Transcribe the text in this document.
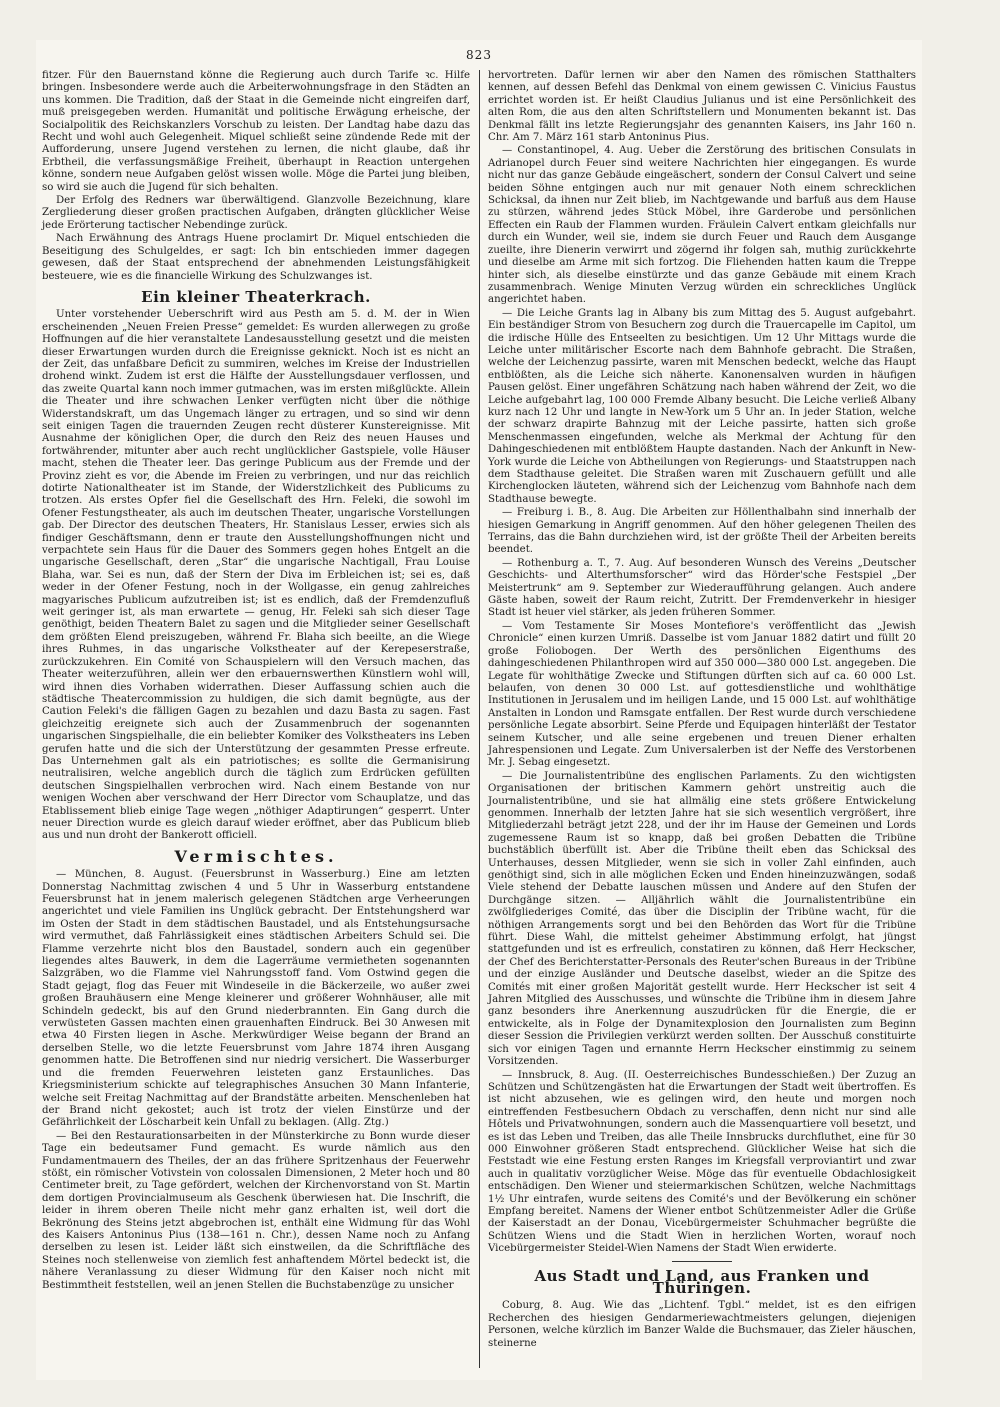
823

fitzer. Für den Bauernstand könne die Regierung auch durch Tarife ꝛc. Hilfe bringen. Insbesondere werde auch die Arbeiterwohnungsfrage in den Städten an uns kommen. Die Tradition, daß der Staat in die Gemeinde nicht eingreifen darf, muß preisgegeben werden. Humanität und politische Erwägung erheische, der Socialpolitik des Reichskanzlers Vorschub zu leisten. Der Landtag habe dazu das Recht und wohl auch Gelegenheit. Miquel schließt seine zündende Rede mit der Aufforderung, unsere Jugend verstehen zu lernen, die nicht glaube, daß ihr Erbtheil, die verfassungsmäßige Freiheit, überhaupt in Reaction untergehen könne, sondern neue Aufgaben gelöst wissen wolle. Möge die Partei jung bleiben, so wird sie auch die Jugend für sich behalten.

Der Erfolg des Redners war überwältigend. Glanzvolle Bezeichnung, klare Zergliederung dieser großen practischen Aufgaben, drängten glücklicher Weise jede Erörterung tactischer Nebendinge zurück.

Nach Erwähnung des Antrags Huene proclamirt Dr. Miquel entschieden die Beseitigung des Schulgeldes, er sagt: Ich bin entschieden immer dagegen gewesen, daß der Staat entsprechend der abnehmenden Leistungsfähigkeit besteuere, wie es die financielle Wirkung des Schulzwanges ist.

Ein kleiner Theaterkrach.

Unter vorstehender Ueberschrift wird aus Pesth am 5. d. M. der in Wien erscheinenden „Neuen Freien Presse“ gemeldet: Es wurden allerwegen zu große Hoffnungen auf die hier veranstaltete Landesausstellung gesetzt und die meisten dieser Erwartungen wurden durch die Ereignisse geknickt. Noch ist es nicht an der Zeit, das unfaßbare Deficit zu summiren, welches im Kreise der Industriellen drohend winkt. Zudem ist erst die Hälfte der Ausstellungsdauer verflossen, und das zweite Quartal kann noch immer gutmachen, was im ersten mißglückte. Allein die Theater und ihre schwachen Lenker verfügten nicht über die nöthige Widerstandskraft, um das Ungemach länger zu ertragen, und so sind wir denn seit einigen Tagen die trauernden Zeugen recht düsterer Kunstereignisse. Mit Ausnahme der königlichen Oper, die durch den Reiz des neuen Hauses und fortwährender, mitunter aber auch recht unglücklicher Gastspiele, volle Häuser macht, stehen die Theater leer. Das geringe Publicum aus der Fremde und der Provinz zieht es vor, die Abende im Freien zu verbringen, und nur das reichlich dotirte Nationaltheater ist im Stande, der Widerstzlichkeit des Publicums zu trotzen. Als erstes Opfer fiel die Gesellschaft des Hrn. Feleki, die sowohl im Ofener Festungstheater, als auch im deutschen Theater, ungarische Vorstellungen gab. Der Director des deutschen Theaters, Hr. Stanislaus Lesser, erwies sich als findiger Geschäftsmann, denn er traute den Ausstellungshoffnungen nicht und verpachtete sein Haus für die Dauer des Sommers gegen hohes Entgelt an die ungarische Gesellschaft, deren „Star“ die ungarische Nachtigall, Frau Louise Blaha, war. Sei es nun, daß der Stern der Diva im Erbleichen ist; sei es, daß weder in der Ofener Festung, noch in der Wollgasse, ein genug zahlreiches magyarisches Publicum aufzutreiben ist; ist es endlich, daß der Fremdenzufluß weit geringer ist, als man erwartete — genug, Hr. Feleki sah sich dieser Tage genöthigt, beiden Theatern Balet zu sagen und die Mitglieder seiner Gesellschaft dem größten Elend preiszugeben, während Fr. Blaha sich beeilte, an die Wiege ihres Ruhmes, in das ungarische Volkstheater auf der Kerepeserstraße, zurückzukehren. Ein Comité von Schauspielern will den Versuch machen, das Theater weiterzuführen, allein wer den erbauernswerthen Künstlern wohl will, wird ihnen dies Vorhaben widerrathen. Dieser Auffassung schien auch die städtische Theatercommission zu huldigen, die sich damit begnügte, aus der Caution Feleki's die fälligen Gagen zu bezahlen und dazu Basta zu sagen. Fast gleichzeitig ereignete sich auch der Zusammenbruch der sogenannten ungarischen Singspielhalle, die ein beliebter Komiker des Volkstheaters ins Leben gerufen hatte und die sich der Unterstützung der gesammten Presse erfreute. Das Unternehmen galt als ein patriotisches; es sollte die Germanisirung neutralisiren, welche angeblich durch die täglich zum Erdrücken gefüllten deutschen Singspielhallen verbrochen wird. Nach einem Bestande von nur wenigen Wochen aber verschwand der Herr Director vom Schauplatze, und das Etablissement blieb einige Tage wegen „nöthiger Adaptirungen“ gesperrt. Unter neuer Direction wurde es gleich darauf wieder eröffnet, aber das Publicum blieb aus und nun droht der Bankerott officiell.

Vermischtes.

— München, 8. August. (Feuersbrunst in Wasserburg.) Eine am letzten Donnerstag Nachmittag zwischen 4 und 5 Uhr in Wasserburg entstandene Feuersbrunst hat in jenem malerisch gelegenen Städtchen arge Verheerungen angerichtet und viele Familien ins Unglück gebracht. Der Entstehungsherd war im Osten der Stadt in dem städtischen Baustadel, und als Entstehungsursache wird vermuthet, daß Fahrlässigkeit eines städtischen Arbeiters Schuld sei. Die Flamme verzehrte nicht blos den Baustadel, sondern auch ein gegenüber liegendes altes Bauwerk, in dem die Lagerräume vermietheten sogenannten Salzgräben, wo die Flamme viel Nahrungsstoff fand. Vom Ostwind gegen die Stadt gejagt, flog das Feuer mit Windeseile in die Bäckerzeile, wo außer zwei großen Brauhäusern eine Menge kleinerer und größerer Wohnhäuser, alle mit Schindeln gedeckt, bis auf den Grund niederbrannten. Ein Gang durch die verwüsteten Gassen machten einen grauenhaften Eindruck. Bei 30 Anwesen mit etwa 40 Firsten liegen in Asche. Merkwürdiger Weise begann der Brand an derselben Stelle, wo die letzte Feuersbrunst vom Jahre 1874 ihren Ausgang genommen hatte. Die Betroffenen sind nur niedrig versichert. Die Wasserburger und die fremden Feuerwehren leisteten ganz Erstaunliches. Das Kriegsministerium schickte auf telegraphisches Ansuchen 30 Mann Infanterie, welche seit Freitag Nachmittag auf der Brandstätte arbeiten. Menschenleben hat der Brand nicht gekostet; auch ist trotz der vielen Einstürze und der Gefährlichkeit der Löscharbeit kein Unfall zu beklagen. (Allg. Ztg.)

— Bei den Restaurationsarbeiten in der Münsterkirche zu Bonn wurde dieser Tage ein bedeutsamer Fund gemacht. Es wurde nämlich aus den Fundamentmauern des Theiles, der an das frühere Spritzenhaus der Feuerwehr stößt, ein römischer Votivstein von colossalen Dimensionen, 2 Meter hoch und 80 Centimeter breit, zu Tage gefördert, welchen der Kirchenvorstand von St. Martin dem dortigen Provincialmuseum als Geschenk überwiesen hat. Die Inschrift, die leider in ihrem oberen Theile nicht mehr ganz erhalten ist, weil dort die Bekrönung des Steins jetzt abgebrochen ist, enthält eine Widmung für das Wohl des Kaisers Antoninus Pius (138—161 n. Chr.), dessen Name noch zu Anfang derselben zu lesen ist. Leider läßt sich einstweilen, da die Schriftfläche des Steines noch stellenweise von ziemlich fest anhaftendem Mörtel bedeckt ist, die nähere Veranlassung zu dieser Widmung für den Kaiser noch nicht mit Bestimmtheit feststellen, weil an jenen Stellen die Buchstabenzüge zu unsicher

hervortreten. Dafür lernen wir aber den Namen des römischen Statthalters kennen, auf dessen Befehl das Denkmal von einem gewissen C. Vinicius Faustus errichtet worden ist. Er heißt Claudius Julianus und ist eine Persönlichkeit des alten Rom, die aus den alten Schriftstellern und Monumenten bekannt ist. Das Denkmal fällt ins letzte Regierungsjahr des genannten Kaisers, ins Jahr 160 n. Chr. Am 7. März 161 starb Antoninus Pius.

— Constantinopel, 4. Aug. Ueber die Zerstörung des britischen Consulats in Adrianopel durch Feuer sind weitere Nachrichten hier eingegangen. Es wurde nicht nur das ganze Gebäude eingeäschert, sondern der Consul Calvert und seine beiden Söhne entgingen auch nur mit genauer Noth einem schrecklichen Schicksal, da ihnen nur Zeit blieb, im Nachtgewande und barfuß aus dem Hause zu stürzen, während jedes Stück Möbel, ihre Garderobe und persönlichen Effecten ein Raub der Flammen wurden. Fräulein Calvert entkam gleichfalls nur durch ein Wunder, weil sie, indem sie durch Feuer und Rauch dem Ausgange zueilte, ihre Dienerin verwirrt und zögernd ihr folgen sah, muthig zurückkehrte und dieselbe am Arme mit sich fortzog. Die Fliehenden hatten kaum die Treppe hinter sich, als dieselbe einstürzte und das ganze Gebäude mit einem Krach zusammenbrach. Wenige Minuten Verzug würden ein schreckliches Unglück angerichtet haben.

— Die Leiche Grants lag in Albany bis zum Mittag des 5. August aufgebahrt. Ein beständiger Strom von Besuchern zog durch die Trauercapelle im Capitol, um die irdische Hülle des Entseelten zu besichtigen. Um 12 Uhr Mittags wurde die Leiche unter militärischer Escorte nach dem Bahnhofe gebracht. Die Straßen, welche der Leichenzug passirte, waren mit Menschen bedeckt, welche das Haupt entblößten, als die Leiche sich näherte. Kanonensalven wurden in häufigen Pausen gelöst. Einer ungefähren Schätzung nach haben während der Zeit, wo die Leiche aufgebahrt lag, 100 000 Fremde Albany besucht. Die Leiche verließ Albany kurz nach 12 Uhr und langte in New-York um 5 Uhr an. In jeder Station, welche der schwarz drapirte Bahnzug mit der Leiche passirte, hatten sich große Menschenmassen eingefunden, welche als Merkmal der Achtung für den Dahingeschiedenen mit entblößtem Haupte dastanden. Nach der Ankunft in New-York wurde die Leiche von Abtheilungen von Regierungs- und Staatstruppen nach dem Stadthause geleitet. Die Straßen waren mit Zuschauern gefüllt und alle Kirchenglocken läuteten, während sich der Leichenzug vom Bahnhofe nach dem Stadthause bewegte.

— Freiburg i. B., 8. Aug. Die Arbeiten zur Höllenthalbahn sind innerhalb der hiesigen Gemarkung in Angriff genommen. Auf den höher gelegenen Theilen des Terrains, das die Bahn durchziehen wird, ist der größte Theil der Arbeiten bereits beendet.

— Rothenburg a. T., 7. Aug. Auf besonderen Wunsch des Vereins „Deutscher Geschichts- und Alterthumsforscher“ wird das Hörder'sche Festspiel „Der Meistertrunk“ am 9. September zur Wiederaufführung gelangen. Auch andere Gäste haben, soweit der Raum reicht, Zutritt. Der Fremdenverkehr in hiesiger Stadt ist heuer viel stärker, als jeden früheren Sommer.

— Vom Testamente Sir Moses Montefiore's veröffentlicht das „Jewish Chronicle“ einen kurzen Umriß. Dasselbe ist vom Januar 1882 datirt und füllt 20 große Foliobogen. Der Werth des persönlichen Eigenthums des dahingeschiedenen Philanthropen wird auf 350 000—380 000 Lst. angegeben. Die Legate für wohlthätige Zwecke und Stiftungen dürften sich auf ca. 60 000 Lst. belaufen, von denen 30 000 Lst. auf gottesdienstliche und wohlthätige Institutionen in Jerusalem und im heiligen Lande, und 15 000 Lst. auf wohlthätige Anstalten in London und Ramsgate entfallen. Der Rest wurde durch verschiedene persönliche Legate absorbirt. Seine Pferde und Equipagen hinterläßt der Testator seinem Kutscher, und alle seine ergebenen und treuen Diener erhalten Jahrespensionen und Legate. Zum Universalerben ist der Neffe des Verstorbenen Mr. J. Sebag eingesetzt.

— Die Journalistentribüne des englischen Parlaments. Zu den wichtigsten Organisationen der britischen Kammern gehört unstreitig auch die Journalistentribüne, und sie hat allmälig eine stets größere Entwickelung genommen. Innerhalb der letzten Jahre hat sie sich wesentlich vergrößert, ihre Mitgliederzahl beträgt jetzt 228, und der ihr im Hause der Gemeinen und Lords zugemessene Raum ist so knapp, daß bei großen Debatten die Tribüne buchstäblich überfüllt ist. Aber die Tribüne theilt eben das Schicksal des Unterhauses, dessen Mitglieder, wenn sie sich in voller Zahl einfinden, auch genöthigt sind, sich in alle möglichen Ecken und Enden hineinzuzwängen, sodaß Viele stehend der Debatte lauschen müssen und Andere auf den Stufen der Durchgänge sitzen. — Alljährlich wählt die Journalistentribüne ein zwölfgliederiges Comité, das über die Disciplin der Tribüne wacht, für die nöthigen Arrangements sorgt und bei den Behörden das Wort für die Tribüne führt. Diese Wahl, die mittelst geheimer Abstimmung erfolgt, hat jüngst stattgefunden und ist es erfreulich, constatiren zu können, daß Herr Heckscher, der Chef des Berichterstatter-Personals des Reuter'schen Bureaus in der Tribüne und der einzige Ausländer und Deutsche daselbst, wieder an die Spitze des Comités mit einer großen Majorität gestellt wurde. Herr Heckscher ist seit 4 Jahren Mitglied des Ausschusses, und wünschte die Tribüne ihm in diesem Jahre ganz besonders ihre Anerkennung auszudrücken für die Energie, die er entwickelte, als in Folge der Dynamitexplosion den Journalisten zum Beginn dieser Session die Privilegien verkürzt werden sollten. Der Ausschuß constituirte sich vor einigen Tagen und ernannte Herrn Heckscher einstimmig zu seinem Vorsitzenden.

— Innsbruck, 8. Aug. (II. Oesterreichisches Bundesschießen.) Der Zuzug an Schützen und Schützengästen hat die Erwartungen der Stadt weit übertroffen. Es ist nicht abzusehen, wie es gelingen wird, den heute und morgen noch eintreffenden Festbesuchern Obdach zu verschaffen, denn nicht nur sind alle Hôtels und Privatwohnungen, sondern auch die Massenquartiere voll besetzt, und es ist das Leben und Treiben, das alle Theile Innsbrucks durchfluthet, eine für 30 000 Einwohner größeren Stadt entsprechend. Glücklicher Weise hat sich die Feststadt wie eine Festung ersten Ranges im Kriegsfall verproviantirt und zwar auch in qualitativ vorzüglicher Weise. Möge das für eventuelle Obdachlosigkeit entschädigen. Den Wiener und steiermarkischen Schützen, welche Nachmittags 1½ Uhr eintrafen, wurde seitens des Comité's und der Bevölkerung ein schöner Empfang bereitet. Namens der Wiener entbot Schützenmeister Adler die Grüße der Kaiserstadt an der Donau, Vicebürgermeister Schuhmacher begrüßte die Schützen Wiens und die Stadt Wien in herzlichen Worten, worauf noch Vicebürgermeister Steidel-Wien Namens der Stadt Wien erwiderte.

Aus Stadt und Land, aus Franken und Thüringen.

Coburg, 8. Aug. Wie das „Lichtenf. Tgbl.“ meldet, ist es den eifrigen Recherchen des hiesigen Gendarmeriewachtmeisters gelungen, diejenigen Personen, welche kürzlich im Banzer Walde die Buchsmauer, das Zieler häuschen, steinerne
